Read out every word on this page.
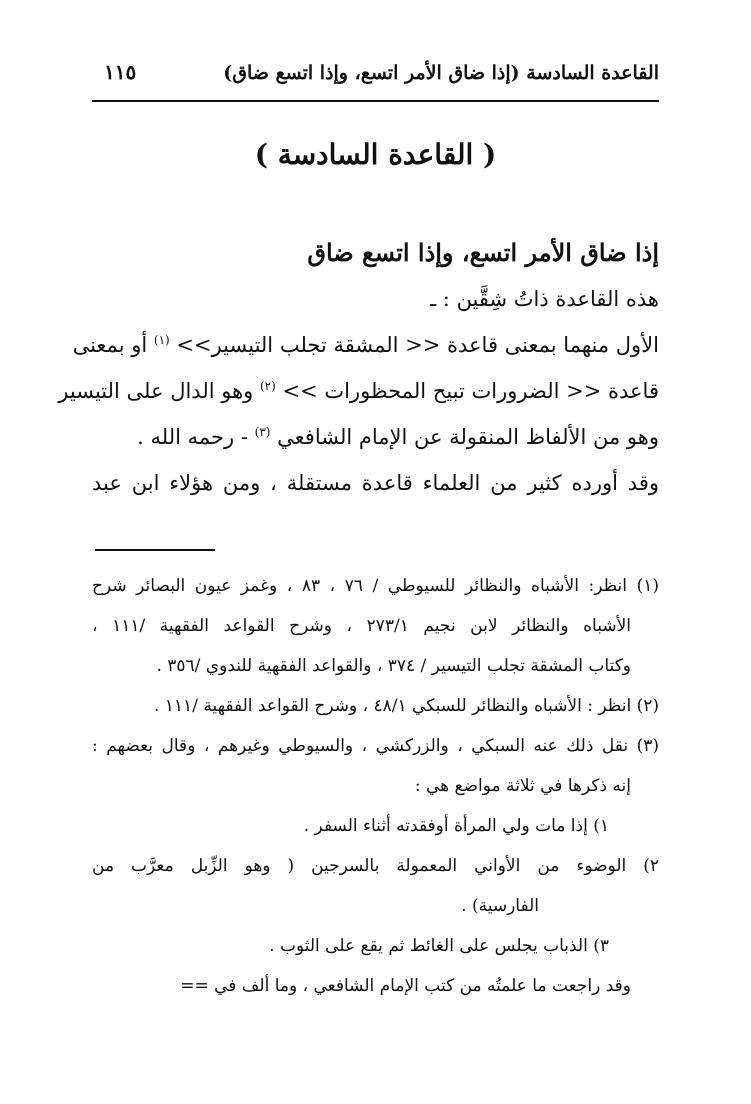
القاعدة السادسة (إذا ضاق الأمر اتسع، وإذا اتسع ضاق)
١١٥
( القاعدة السادسة )
إذا ضاق الأمر اتسع، وإذا اتسع ضاق
هذه القاعدة ذاتُ شِقَّين : ـ
الأول منهما بمعنى قاعدة << المشقة تجلب التيسير>> $^{(١)}$ أو بمعنى
قاعدة << الضرورات تبيح المحظورات >> $^{(٢)}$ وهو الدال على التيسير
وهو من الألفاظ المنقولة عن الإمام الشافعي $^{(٣)}$ - رحمه الله .
وقد أورده كثير من العلماء قاعدة مستقلة ، ومن هؤلاء ابن عبد
(١) انظر: الأشباه والنظائر للسيوطي / ٧٦ ، ٨٣ ، وغمز عيون البصائر شرح
الأشباه والنظائر لابن نجيم ٢٧٣/١ ، وشرح القواعد الفقهية /١١١ ،
وكتاب المشقة تجلب التيسير / ٣٧٤ ، والقواعد الفقهية للندوي /٣٥٦ .
(٢) انظر : الأشباه والنظائر للسبكي ٤٨/١ ، وشرح القواعد الفقهية /١١١ .
(٣) نقل ذلك عنه السبكي ، والزركشي ، والسيوطي وغيرهم ، وقال بعضهم :
إنه ذكرها في ثلاثة مواضع هي :
١) إذا مات ولي المرأة أوفقدته أثناء السفر .
٢) الوضوء من الأواني المعمولة بالسرجين ( وهو الزِّبل معرَّب من
الفارسية) .
٣) الذباب يجلس على الغائط ثم يقع على الثوب .
وقد راجعت ما علمتُه من كتب الإمام الشافعي ، وما ألف في ==
